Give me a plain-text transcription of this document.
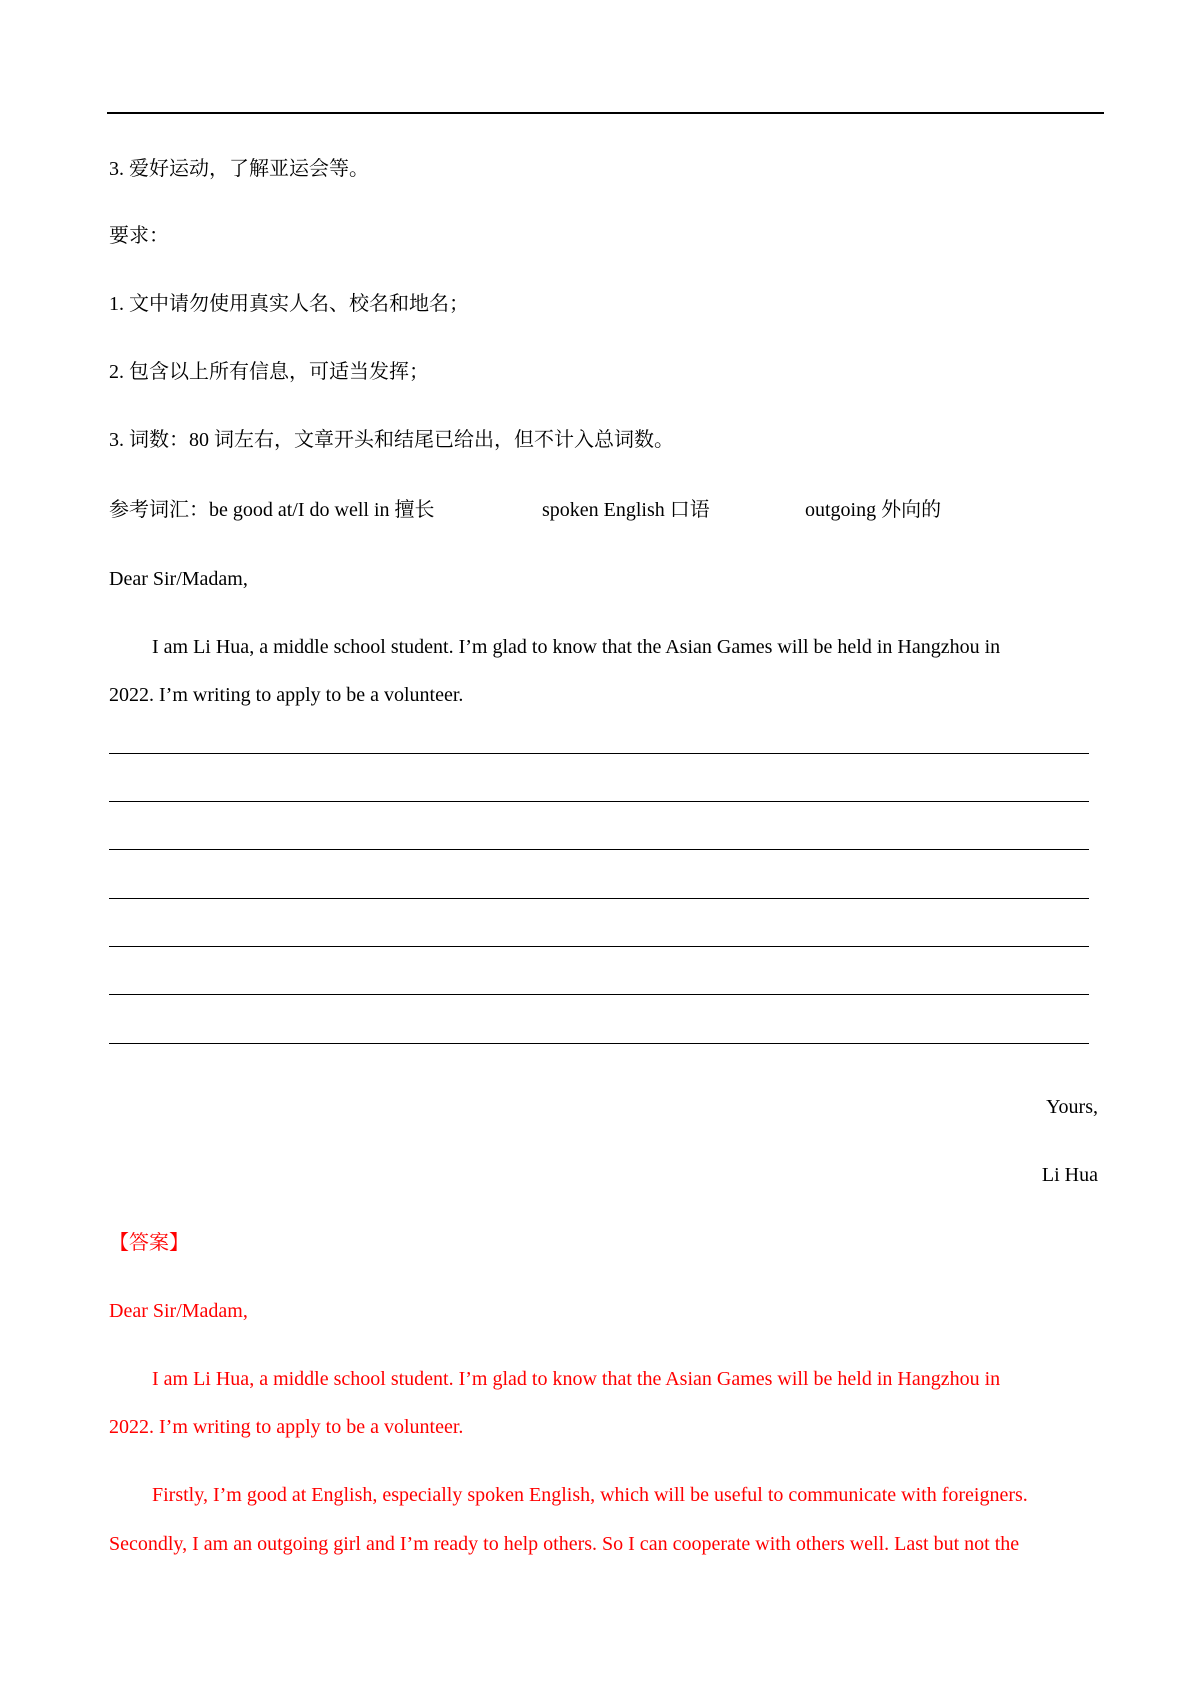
3. 爱好运动，了解亚运会等。
要求：
1. 文中请勿使用真实人名、校名和地名；
2. 包含以上所有信息，可适当发挥；
3. 词数：80 词左右，文章开头和结尾已给出，但不计入总词数。
参考词汇：be good at/I do well in 擅长	spoken English 口语	outgoing 外向的
Dear Sir/Madam,
I am Li Hua, a middle school student. I’m glad to know that the Asian Games will be held in Hangzhou in
2022. I’m writing to apply to be a volunteer.
Yours,
Li Hua
【答案】
Dear Sir/Madam,
I am Li Hua, a middle school student. I’m glad to know that the Asian Games will be held in Hangzhou in
2022. I’m writing to apply to be a volunteer.
Firstly, I’m good at English, especially spoken English, which will be useful to communicate with foreigners.
Secondly, I am an outgoing girl and I’m ready to help others. So I can cooperate with others well. Last but not the
